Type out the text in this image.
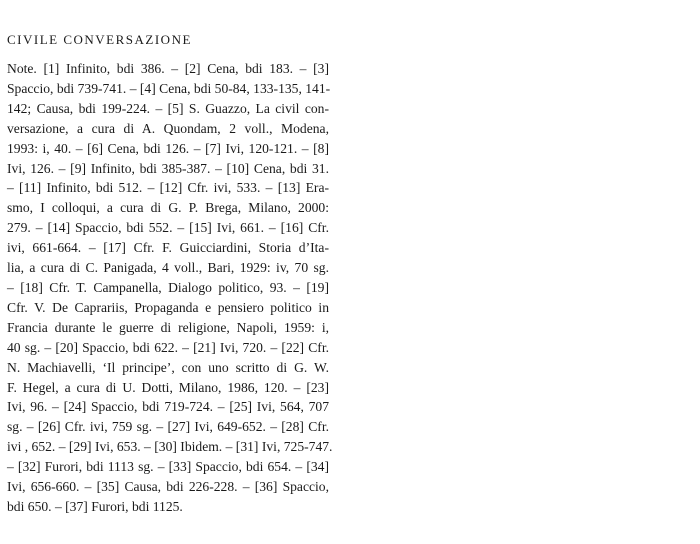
CIVILE CONVERSAZIONE
Note. [1] Infinito, bdi 386. – [2] Cena, bdi 183. – [3]
Spaccio, bdi 739-741. – [4] Cena, bdi 50-84, 133-135, 141-
142; Causa, bdi 199-224. – [5] S. Guazzo, La civil con-
versazione, a cura di A. Quondam, 2 voll., Modena,
1993: i, 40. – [6] Cena, bdi 126. – [7] Ivi, 120-121. – [8]
Ivi, 126. – [9] Infinito, bdi 385-387. – [10] Cena, bdi 31.
– [11] Infinito, bdi 512. – [12] Cfr. ivi, 533. – [13] Era-
smo, I colloqui, a cura di G. P. Brega, Milano, 2000:
279. – [14] Spaccio, bdi 552. – [15] Ivi, 661. – [16] Cfr.
ivi, 661-664. – [17] Cfr. F. Guicciardini, Storia d’Ita-
lia, a cura di C. Panigada, 4 voll., Bari, 1929: iv, 70 sg.
– [18] Cfr. T. Campanella, Dialogo politico, 93. – [19]
Cfr. V. De Caprariis, Propaganda e pensiero politico in
Francia durante le guerre di religione, Napoli, 1959: i,
40 sg. – [20] Spaccio, bdi 622. – [21] Ivi, 720. – [22] Cfr.
N. Machiavelli, ‘Il principe’, con uno scritto di G. W.
F. Hegel, a cura di U. Dotti, Milano, 1986, 120. – [23]
Ivi, 96. – [24] Spaccio, bdi 719-724. – [25] Ivi, 564, 707
sg. – [26] Cfr. ivi, 759 sg. – [27] Ivi, 649-652. – [28] Cfr.
ivi , 652. – [29] Ivi, 653. – [30] Ibidem. – [31] Ivi, 725-747.
– [32] Furori, bdi 1113 sg. – [33] Spaccio, bdi 654. – [34]
Ivi, 656-660. – [35] Causa, bdi 226-228. – [36] Spaccio,
bdi 650. – [37] Furori, bdi 1125.
